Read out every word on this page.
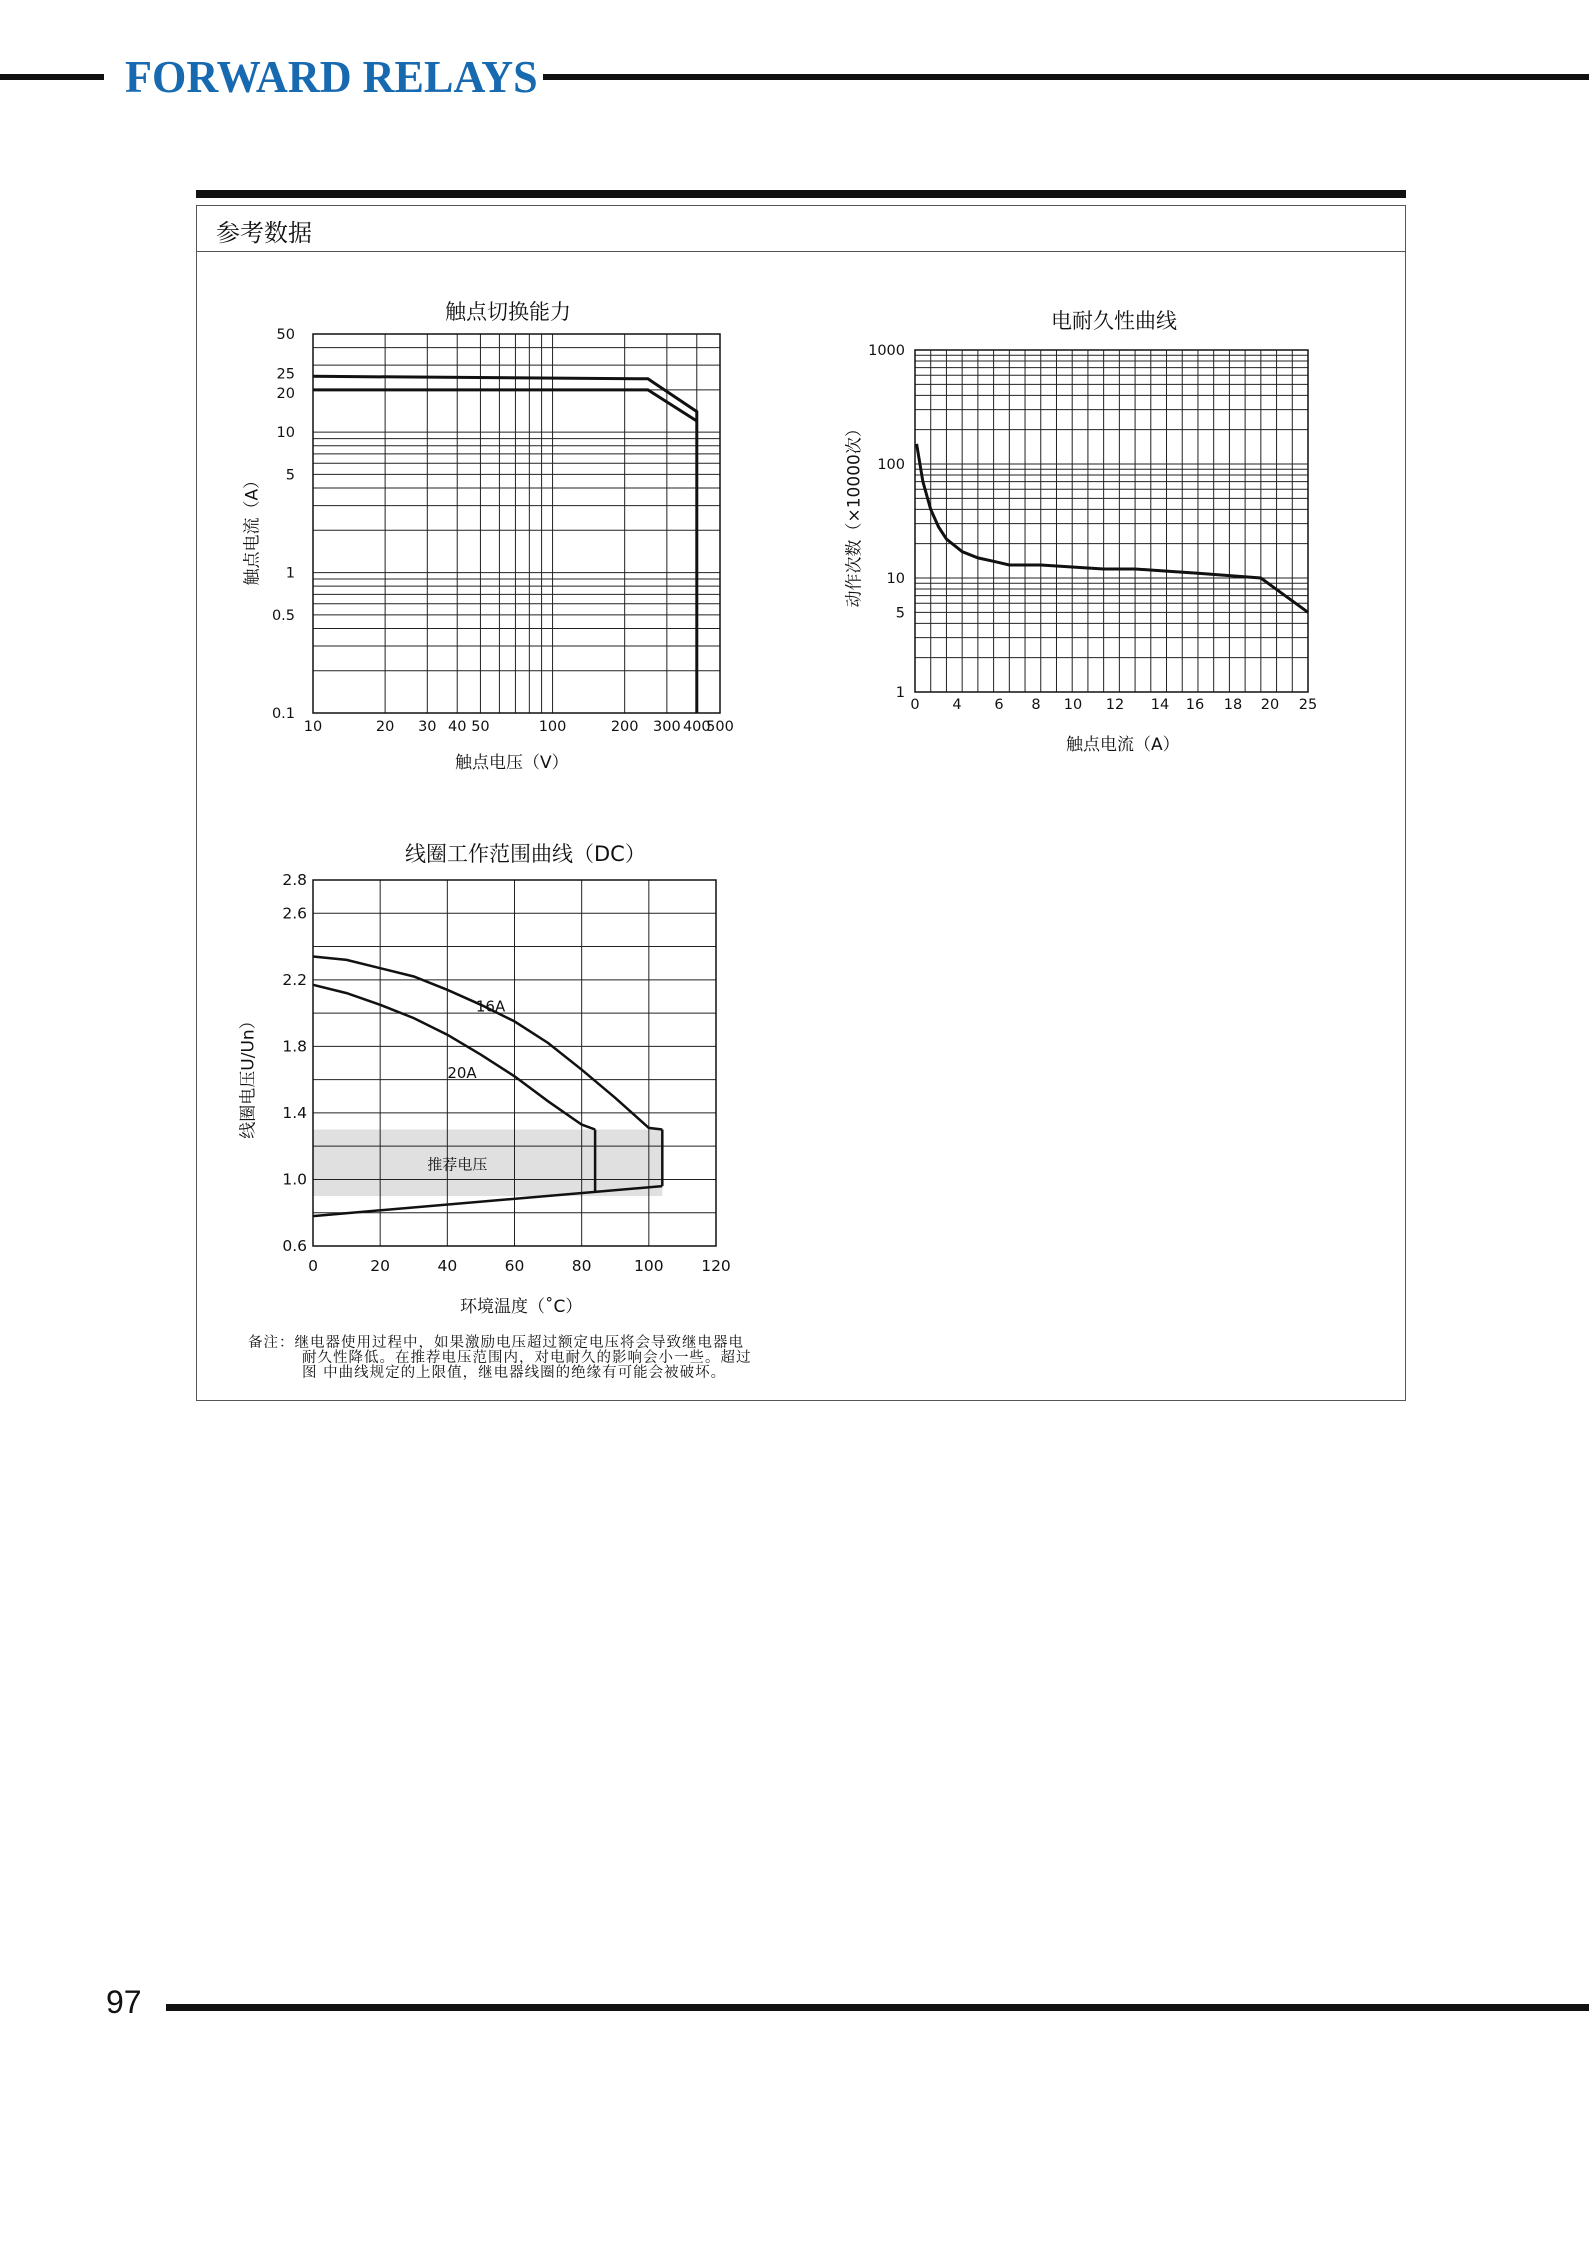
FORWARD RELAYS
参考数据
触点切换能力
触点电压（V）
触点电流（A）
10	20 30 40 50	100	200 300 400
500
50
25
20
10
5
1
0.5
0.1
0 4 6 8 10 12 14 16 18 20 25
1000
100
10
5
1
0	20	40	60	80	100 120
2.8
2.6
2.2
1.8
1.4
1.0
0.6
16A
20A
推荐电压
电耐久性曲线
触点电流（A）
动作次数（×10000次）
线圈工作范围曲线（DC）
环境温度（˚C）
线圈电压U/Un）
备注：继电器使用过程中，如果激励电压超过额定电压将会导致继电器电
耐久性降低。在推荐电压范围内，对电耐久的影响会小一些。超过
图 中曲线规定的上限值，继电器线圈的绝缘有可能会被破坏。
97
